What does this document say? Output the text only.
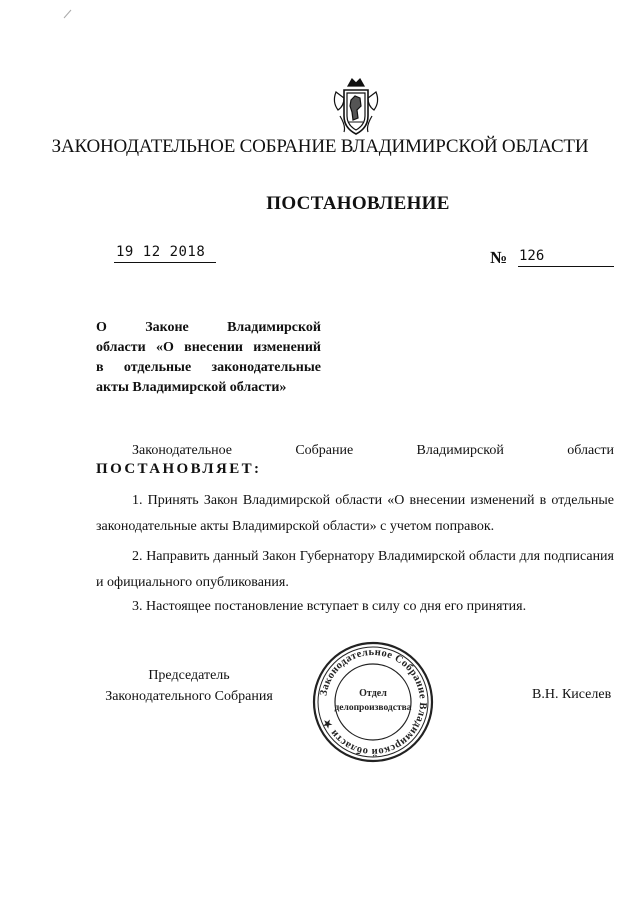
ЗАКОНОДАТЕЛЬНОЕ СОБРАНИЕ ВЛАДИМИРСКОЙ ОБЛАСТИ
ПОСТАНОВЛЕНИЕ
19 12 2018	№ 126
О	Законе	Владимирской
области «О внесении изменений
в отдельные законодательные
акты Владимирской области»
Законодательное	Собрание	Владимирской	области
ПОСТАНОВЛЯЕТ:
1. Принять Закон Владимирской области «О внесении изменений в отдельные законодательные акты Владимирской области» с учетом поправок.
2. Направить данный Закон Губернатору Владимирской области для подписания и официального опубликования.
3. Настоящее постановление вступает в силу со дня его принятия.
Председатель
Законодательного Собрания	Законодательное Собрание Владимирской области ★
Отдел
делопроизводства
В.Н. Киселев
